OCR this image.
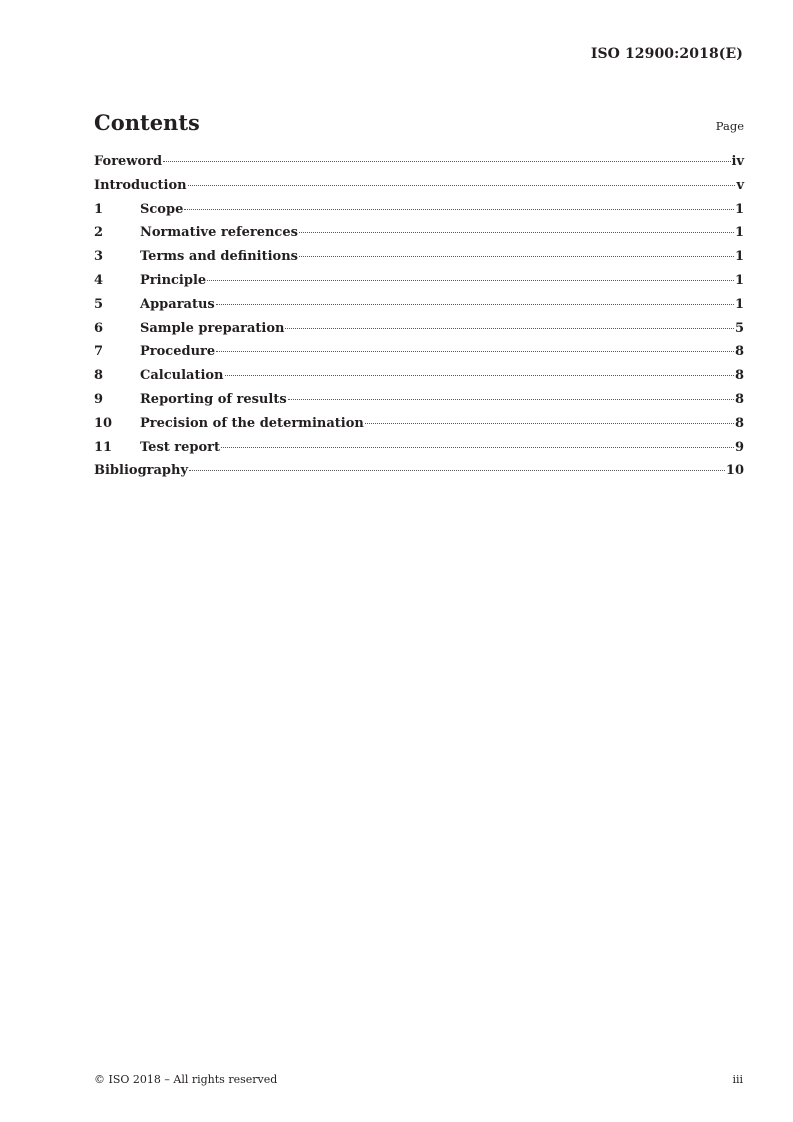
ISO 12900:2018(E)
Contents	Page
Foreword	iv
Introduction	v
1	Scope	1
2	Normative references	1
3	Terms and definitions	1
4	Principle	1
5	Apparatus	1
6	Sample preparation	5
7	Procedure	8
8	Calculation	8
9	Reporting of results	8
10	Precision of the determination	8
11	Test report	9
Bibliography	10
© ISO 2018 – All rights reserved	iii
